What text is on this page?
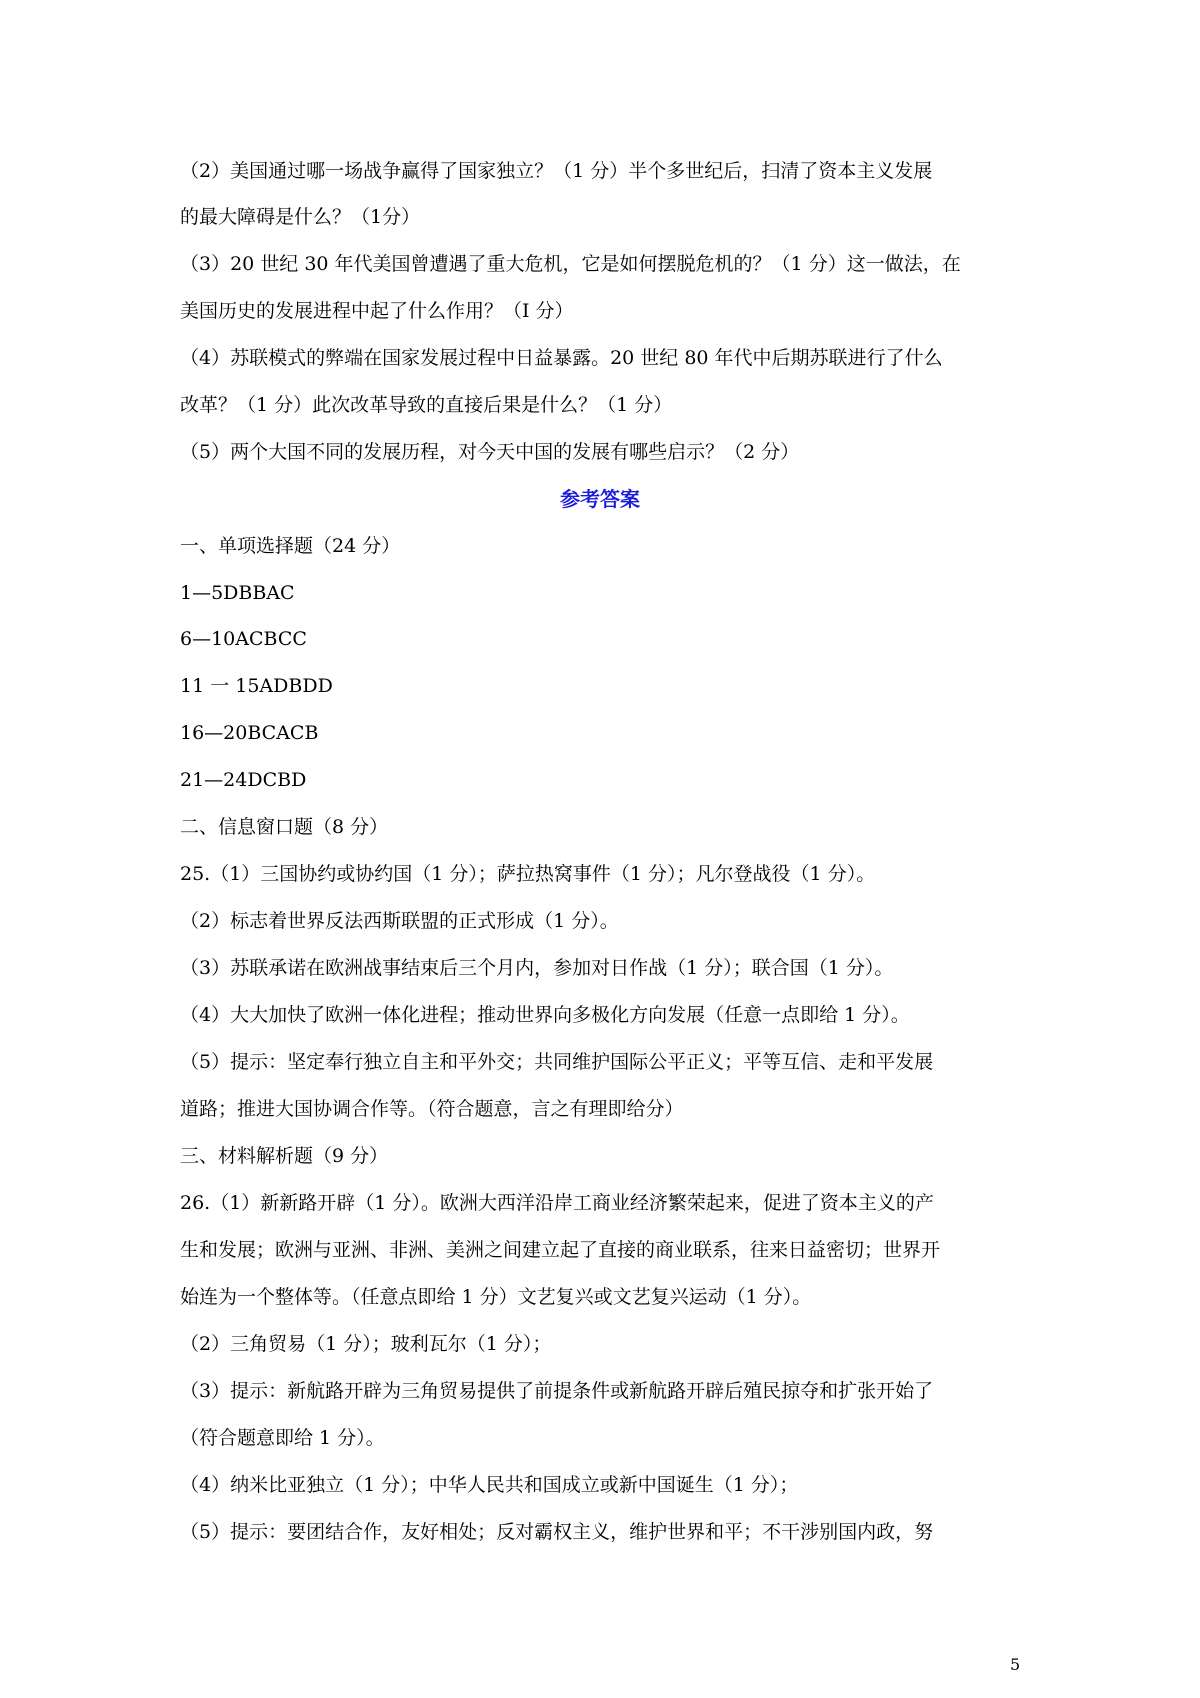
（2）美国通过哪一场战争赢得了国家独立？（1 分）半个多世纪后，扫清了资本主义发展
的最大障碍是什么？（1分）
（3）20 世纪 30 年代美国曾遭遇了重大危机，它是如何摆脱危机的？（1 分）这一做法，在
美国历史的发展进程中起了什么作用？（I 分）
（4）苏联模式的弊端在国家发展过程中日益暴露。20 世纪 80 年代中后期苏联进行了什么
改革？（1 分）此次改革导致的直接后果是什么？（1 分）
（5）两个大国不同的发展历程，对今天中国的发展有哪些启示？（2 分）
参考答案
一、单项选择题（24 分）
1—5DBBAC
6—10ACBCC
11 一 15ADBDD
16—20BCACB
21—24DCBD
二、信息窗口题（8 分）
25.（1）三国协约或协约国（1 分）；萨拉热窝事件（1 分）；凡尔登战役（1 分）。
（2）标志着世界反法西斯联盟的正式形成（1 分）。
（3）苏联承诺在欧洲战事结束后三个月内，参加对日作战（1 分）；联合国（1 分）。
（4）大大加快了欧洲一体化进程；推动世界向多极化方向发展（任意一点即给 1 分）。
（5）提示：坚定奉行独立自主和平外交；共同维护国际公平正义；平等互信、走和平发展
道路；推进大国协调合作等。（符合题意，言之有理即给分）
三、材料解析题（9 分）
26.（1）新新路开辟（1 分）。欧洲大西洋沿岸工商业经济繁荣起来，促进了资本主义的产
生和发展；欧洲与亚洲、非洲、美洲之间建立起了直接的商业联系，往来日益密切；世界开
始连为一个整体等。（任意点即给 1 分）文艺复兴或文艺复兴运动（1 分）。
（2）三角贸易（1 分）；玻利瓦尔（1 分）；
（3）提示：新航路开辟为三角贸易提供了前提条件或新航路开辟后殖民掠夺和扩张开始了
（符合题意即给 1 分）。
（4）纳米比亚独立（1 分）；中华人民共和国成立或新中国诞生（1 分）；
（5）提示：要团结合作，友好相处；反对霸权主义，维护世界和平；不干涉别国内政，努
5
